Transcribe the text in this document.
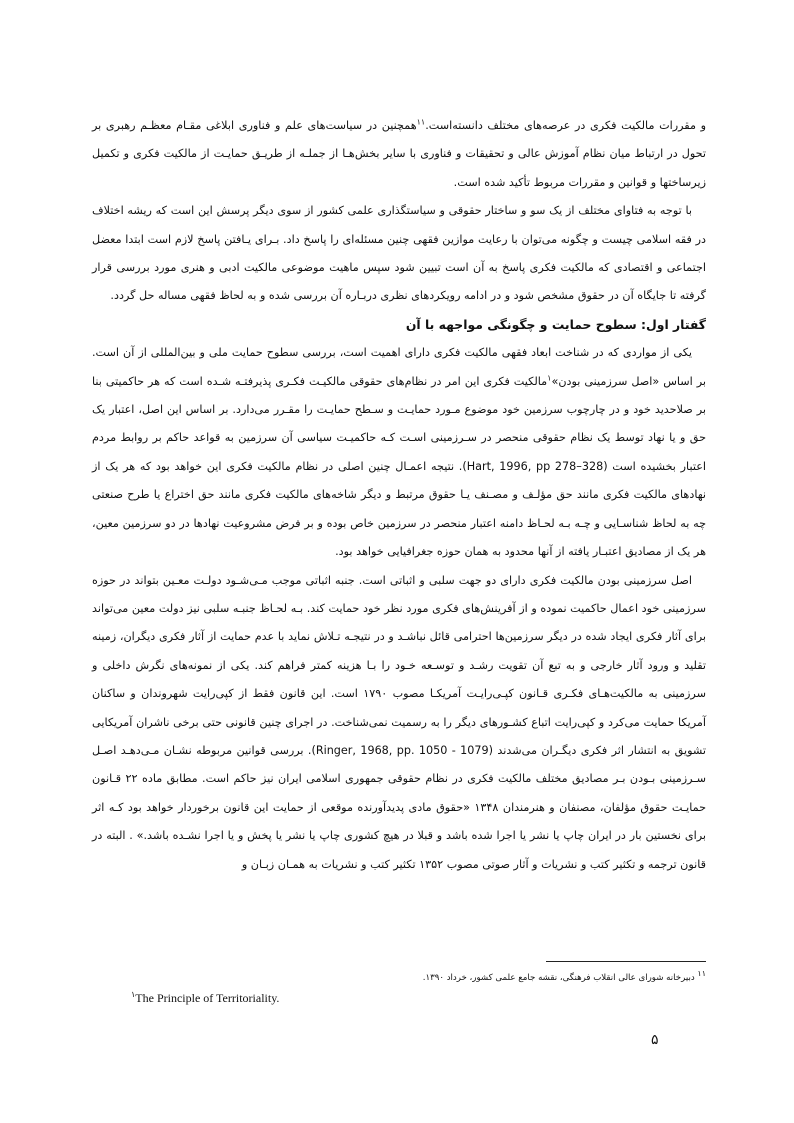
و مقررات مالکیت فکری در عرصه‌های مختلف دانسته‌است.$^{۱۱}$همچنین در سیاست‌های علم و فناوری ابلاغی مقـام معظـم رهبری بر تحول در ارتباط میان نظام آموزش عالی و تحقیقات و فناوری با سایر بخش‌هـا از جملـه از طریـق حمایـت از مالکیت فکری و تکمیل زیرساختها و قوانین و مقررات مربوط تأکید شده است.

با توجه به فتاوای مختلف از یک سو و ساختار حقوقی و سیاستگذاری علمی کشور از سوی دیگر پرسش این است که ریشه اختلاف در فقه اسلامی چیست و چگونه می‌توان با رعایت موازین فقهی چنین مسئله‌ای را پاسخ داد. بـرای یـافتن پاسخ لازم است ابتدا معضل اجتماعی و اقتصادی که مالکیت فکری پاسخ به آن است تبیین شود سپس ماهیت موضوعی مالکیت ادبی و هنری مورد بررسی قرار گرفته تا جایگاه آن در حقوق مشخص شود و در ادامه رویکردهای نظری دربـاره آن بررسی شده و به لحاظ فقهی مساله حل گردد.

گفتار اول: سطوح حمایت و چگونگی مواجهه با آن

یکی از مواردی که در شناخت ابعاد فقهی مالکیت فکری دارای اهمیت است، بررسی سطوح حمایت ملی و بین‌المللی از آن است. بر اساس «اصل سرزمینی بودن»$^۱$مالکیت فکری این امر در نظام‌های حقوقی مالکیـت فکـری پذیرفتـه شـده است که هر حاکمیتی بنا بر صلاحدید خود و در چارچوب سرزمین خود موضوع مـورد حمایـت و سـطح حمایـت را مقـرر می‌دارد. بر اساس این اصل، اعتبار یک حق و یا نهاد توسط یک نظام حقوقی منحصر در سـرزمینی اسـت کـه حاکمیـت سیاسی آن سرزمین به قواعد حاکم بر روابط مردم اعتبار بخشیده است (Hart, 1996, pp 278–328). نتیجه اعمـال چنین اصلی در نظام مالکیت فکری این خواهد بود که هر یک از نهادهای مالکیت فکری مانند حق مؤلـف و مصـنف یـا حقوق مرتبط و دیگر شاخه‌های مالکیت فکری مانند حق اختراع یا طرح صنعتی چه به لحاظ شناسـایی و چـه بـه لحـاظ دامنه اعتبار منحصر در سرزمین خاص بوده و بر فرض مشروعیت نهادها در دو سرزمین معین، هر یک از مصادیق اعتبـار یافته از آنها محدود به همان حوزه جغرافیایی خواهد بود.

اصل سرزمینی بودن مالکیت فکری دارای دو جهت سلبی و اثباتی است. جنبه اثباتی موجب مـی‌شـود دولـت معـین بتواند در حوزه سرزمینی خود اعمال حاکمیت نموده و از آفرینش‌های فکری مورد نظر خود حمایت کند. بـه لحـاظ جنبـه سلبی نیز دولت معین می‌تواند برای آثار فکری ایجاد شده در دیگر سرزمین‌ها احترامی قائل نباشـد و در نتیجـه تـلاش نماید با عدم حمایت از آثار فکری دیگران، زمینه تقلید و ورود آثار خارجی و به تبع آن تقویت رشـد و توسـعه خـود را بـا هزینه کمتر فراهم کند. یکی از نمونه‌های نگرش داخلی و سرزمینی به مالکیت‌هـای فکـری قـانون کپـی‌رایـت آمریکـا مصوب ۱۷۹۰ است. این قانون فقط از کپی‌رایت شهروندان و ساکنان آمریکا حمایت می‌کرد و کپی‌رایت اتباع کشـورهای دیگر را به رسمیت نمی‌شناخت. در اجرای چنین قانونی حتی برخی ناشران آمریکایی تشویق به انتشار اثر فکری دیگـران می‌شدند (Ringer, 1968, pp. 1050 - 1079). بررسی قوانین مربوطه نشـان مـی‌دهـد اصـل سـرزمینی بـودن بـر مصادیق مختلف مالکیت فکری در نظام حقوقی جمهوری اسلامی ایران نیز حاکم است. مطابق ماده ۲۲ قـانون حمایـت حقوق مؤلفان، مصنفان و هنرمندان ۱۳۴۸ «حقوق مادی پدیدآورنده موقعی از حمایت این قانون برخوردار خواهد بود کـه اثر برای نخستین بار در ایران چاپ یا نشر یا اجرا شده باشد و قبلا در هیچ کشوری چاپ یا نشر یا پخش و یا اجرا نشـده باشد.» . البته در قانون ترجمه و تکثیر کتب و نشریات و آثار صوتی مصوب ۱۳۵۲ تکثیر کتب و نشریات به همـان زبـان و

۱۱ دبیرخانه شورای عالی انقلاب فرهنگی، نقشه جامع علمی کشور، خرداد ۱۳۹۰.
$^۱$The Principle of Territoriality.
۵
